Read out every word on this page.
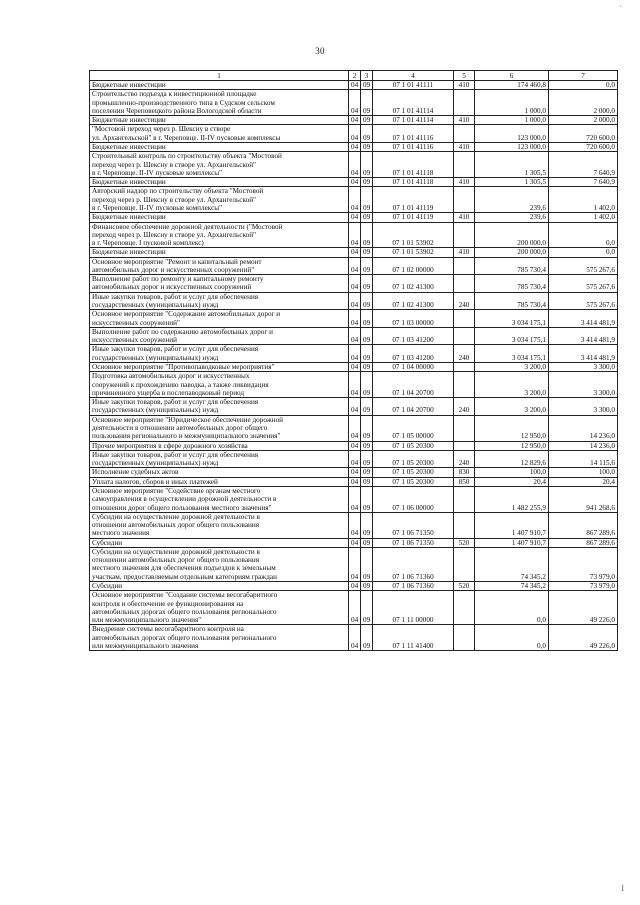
·
30
1	2	3	4	5	6	7
Бюджетные инвестиции	04	09	07 1 01 41111	410	174 460,8	0,0
Строительство подъезда к инвестиционной площадке
промышленно-производственного типа в Судском сельском
поселении Череповецкого района Вологодской области	04	09	07 1 01 41114		1 000,0	2 000,0
Бюджетные инвестиции	04	09	07 1 01 41114	410	1 000,0	2 000,0
"Мостовой переход через р. Шексну в створе
ул. Архангельской" в г. Череповце. II-IV пусковые комплексы	04	09	07 1 01 41116		123 000,0	720 600,0
Бюджетные инвестиции	04	09	07 1 01 41116	410	123 000,0	720 600,0
Строительный контроль по строительству объекта "Мостовой
переход через р. Шексну в створе ул. Архангельской"
в г. Череповце. II-IV пусковые комплексы"	04	09	07 1 01 41118		1 305,5	7 640,9
Бюджетные инвестиции	04	09	07 1 01 41118	410	1 305,5	7 640,9
Авторский надзор по строительству объекта "Мостовой
переход через р. Шексну в створе ул. Архангельской"
в г. Череповце. II-IV пусковые комплексы"	04	09	07 1 01 41119		239,6	1 402,0
Бюджетные инвестиции	04	09	07 1 01 41119	410	239,6	1 402,0
Финансовое обеспечение дорожной деятельности ("Мостовой
переход через р. Шексну в створе ул. Архангельской"
в г. Череповце. I пусковой комплекс)	04	09	07 1 01 53902		200 000,0	0,0
Бюджетные инвестиции	04	09	07 1 01 53902	410	200 000,0	0,0
Основное мероприятие "Ремонт и капитальный ремонт
автомобильных дорог и искусственных сооружений"	04	09	07 1 02 00000		785 730,4	575 267,6
Выполнение работ по ремонту и капитальному ремонту
автомобильных дорог и искусственных сооружений	04	09	07 1 02 41300		785 730,4	575 267,6
Иные закупки товаров, работ и услуг для обеспечения
государственных (муниципальных) нужд	04	09	07 1 02 41300	240	785 730,4	575 267,6
Основное мероприятие "Содержание автомобильных дорог и
искусственных сооружений"	04	09	07 1 03 00000		3 034 175,1	3 414 481,9
Выполнение работ по содержанию автомобильных дорог и
искусственных сооружений	04	09	07 1 03 41200		3 034 175,1	3 414 481,9
Иные закупки товаров, работ и услуг для обеспечения
государственных (муниципальных) нужд	04	09	07 1 03 41200	240	3 034 175,1	3 414 481,9
Основное мероприятие "Противопаводковые мероприятия"	04	09	07 1 04 00000		3 200,0	3 300,0
Подготовка автомобильных дорог и искусственных
сооружений к прохождению паводка, а также ликвидация
причиненного ущерба в послепаводковый период	04	09	07 1 04 20700		3 200,0	3 300,0
Иные закупки товаров, работ и услуг для обеспечения
государственных (муниципальных) нужд	04	09	07 1 04 20700	240	3 200,0	3 300,0
Основное мероприятие "Юридическое обеспечение дорожной
деятельности в отношении автомобильных дорог общего
пользования регионального и межмуниципального значения"	04	09	07 1 05 00000		12 950,0	14 236,0
Прочие мероприятия в сфере дорожного хозяйства	04	09	07 1 05 20300		12 950,0	14 236,0
Иные закупки товаров, работ и услуг для обеспечения
государственных (муниципальных) нужд	04	09	07 1 05 20300	240	12 829,6	14 115,6
Исполнение судебных актов	04	09	07 1 05 20300	830	100,0	100,0
Уплата налогов, сборов и иных платежей	04	09	07 1 05 20300	850	20,4	20,4
Основное мероприятие "Содействие органам местного
самоуправления в осуществлении дорожной деятельности в
отношении дорог общего пользования местного значения"	04	09	07 1 06 00000		1 482 255,9	941 268,6
Субсидии на осуществление дорожной деятельности в
отношении автомобильных дорог общего пользования
местного значения	04	09	07 1 06 71350		1 407 910,7	867 289,6
Субсидии	04	09	07 1 06 71350	520	1 407 910,7	867 289,6
Субсидии на осуществление дорожной деятельности в
отношении автомобильных дорог общего пользования
местного значения для обеспечения подъездов к земельным
участкам, предоставляемым отдельным категориям граждан	04	09	07 1 06 71360		74 345,2	73 979,0
Субсидии	04	09	07 1 06 71360	520	74 345,2	73 979,0
Основное мероприятие "Создание системы весогабаритного
контроля и обеспечение ее функционирования на
автомобильных дорогах общего пользования регионального
или межмуниципального значения"	04	09	07 1 11 00000		0,0	49 226,0
Внедрение системы весогабаритного контроля на
автомобильных дорогах общего пользования регионального
или межмуниципального значения	04	09	07 1 11 41400		0,0	49 226,0
I
